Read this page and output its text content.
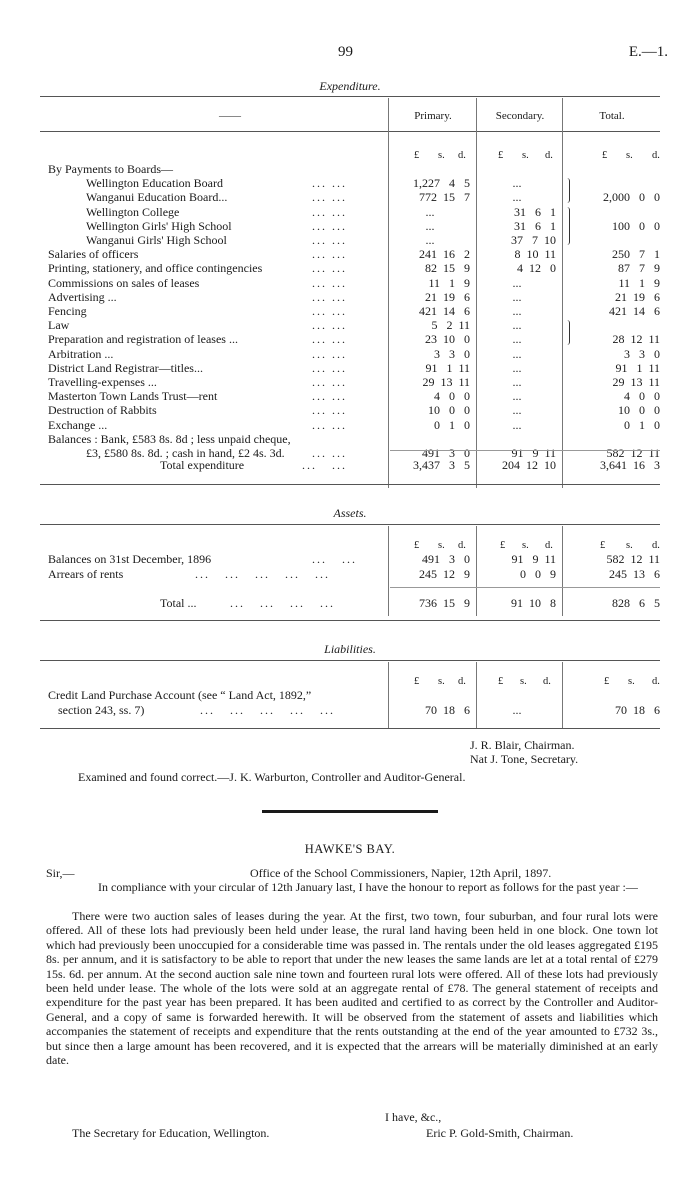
99	E.—1.
Expenditure.
——	Primary.	Secondary.	Total.
£ s. d.	£ s. d.	£ s. d.
By Payments to Boards—
Wellington Education Board	... ...	1,227   4   5	...
Wanganui Education Board...	... ...	772  15   7	...	2,000   0   0
Wellington College	... ...	...	31   6   1
Wellington Girls' High School	... ...	...	31   6   1	100   0   0
Wanganui Girls' High School	... ...	...	37   7  10
Salaries of officers	... ...	241  16   2	8  10  11	250   7   1
Printing, stationery, and office contingencies	... ...	82  15   9	4  12   0	87   7   9
Commissions on sales of leases	... ...	11   1   9	...	11   1   9
Advertising ...	... ...	21  19   6	...	21  19   6
Fencing	... ...	421  14   6	...	421  14   6
Law	... ...	5   2  11	...
Preparation and registration of leases ...	... ...	23  10   0	...	28  12  11
Arbitration ...	... ...	3   3   0	...	3   3   0
District Land Registrar—titles...	... ...	91   1  11	...	91   1  11
Travelling-expenses ...	... ...	29  13  11	...	29  13  11
Masterton Town Lands Trust—rent	... ...	4   0   0	...	4   0   0
Destruction of Rabbits	... ...	10   0   0	...	10   0   0
Exchange ...	... ...	0   1   0	...	0   1   0
Balances : Bank, £583 8s. 8d ; less unpaid cheque,
£3, £580 8s. 8d. ; cash in hand, £2 4s. 3d. ... ...	491   3   0	91   9  11	582  12  11
Total expenditure	...   ...	3,437   3   5	204  12  10	3,641  16   3
Assets.
£ s. d.	£ s. d.	£ s. d.
Balances on 31st December, 1896	...   ...	491   3   0	91   9  11	582  12  11
Arrears of rents	...   ...   ...   ...   ...	245  12   9	0   0   9	245  13   6
Total ...	...   ...   ...   ...	736  15   9	91  10   8	828   6   5
Liabilities.
£ s. d.	£ s. d.	£ s. d.
Credit Land Purchase Account (see “ Land Act, 1892,”
section 243, ss. 7)	...   ...   ...   ...   ...	70  18   6	...	70  18   6
J. R. Blair, Chairman.
Nat J. Tone, Secretary.
Examined and found correct.—J. K. Warburton, Controller and Auditor-General.
HAWKE'S BAY.
Sir,—	Office of the School Commissioners, Napier, 12th April, 1897.
In compliance with your circular of 12th January last, I have the honour to report as follows for the past year :—
There were two auction sales of leases during the year. At the first, two town, four suburban, and four rural lots were offered. All of these lots had previously been held under lease, the rural land having been held in one block. One town lot which had previously been unoccupied for a considerable time was passed in. The rentals under the old leases aggregated £195 8s. per annum, and it is satisfactory to be able to report that under the new leases the same lands are let at a total rental of £279 15s. 6d. per annum. At the second auction sale nine town and fourteen rural lots were offered. All of these lots had previously been held under lease. The whole of the lots were sold at an aggregate rental of £78. The general statement of receipts and expenditure for the past year has been prepared. It has been audited and certified to as correct by the Controller and Auditor-General, and a copy of same is forwarded herewith. It will be observed from the statement of assets and liabilities which accompanies the statement of receipts and expenditure that the rents outstanding at the end of the year amounted to £732 3s., but since then a large amount has been recovered, and it is expected that the arrears will be materially diminished at an early date.
I have, &c.,
The Secretary for Education, Wellington.	Eric P. Gold-Smith, Chairman.
